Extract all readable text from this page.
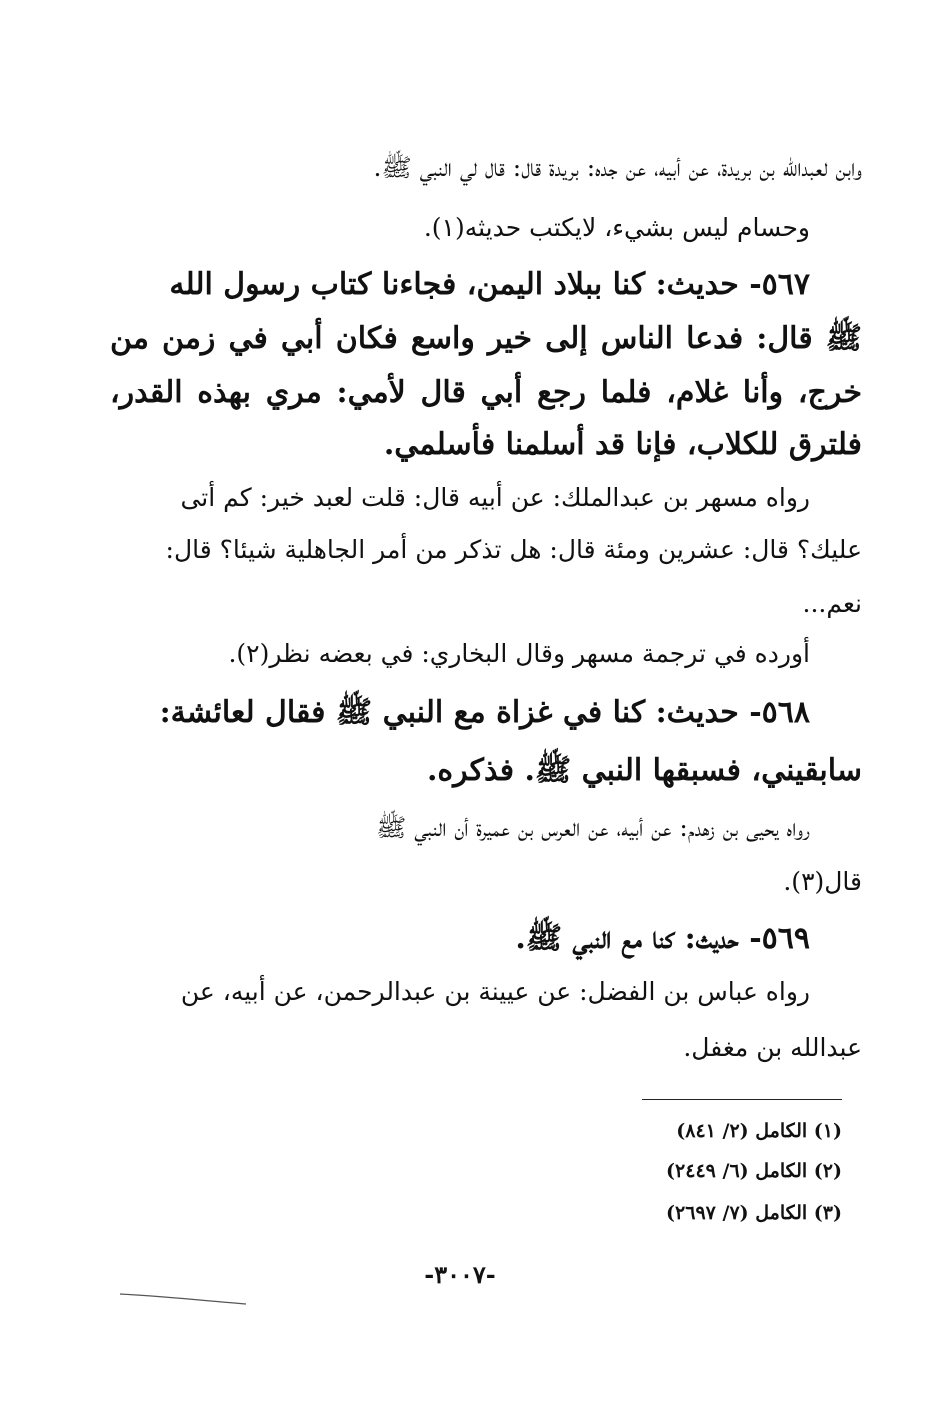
وابن لعبدالله بن بريدة، عن أبيه، عن جده: بريدة قال: قال لي النبي ﷺ.
وحسام ليس بشيء، لايكتب حديثه(١).
٥٦٧- حديث: كنا ببلاد اليمن، فجاءنا كتاب رسول الله
ﷺ قال: فدعا الناس إلى خير واسع فكان أبي في زمن من
خرج، وأنا غلام، فلما رجع أبي قال لأمي: مري بهذه القدر،
فلترق للكلاب، فإنا قد أسلمنا فأسلمي.
رواه مسهر بن عبدالملك: عن أبيه قال: قلت لعبد خير: كم أتى
عليك؟ قال: عشرين ومئة قال: هل تذكر من أمر الجاهلية شيئا؟ قال:
نعم...
أورده في ترجمة مسهر وقال البخاري: في بعضه نظر(٢).
٥٦٨- حديث: كنا في غزاة مع النبي ﷺ فقال لعائشة:
سابقيني، فسبقها النبي ﷺ. فذكره.
رواه يحيى بن زهدم: عن أبيه، عن العرس بن عميرة أن النبي ﷺ
قال(٣).
٥٦٩- حديث: كنا مع النبي ﷺ.
رواه عباس بن الفضل: عن عيينة بن عبدالرحمن، عن أبيه، عن
عبدالله بن مغفل.
(١) الكامل (٢/ ٨٤١)
(٢) الكامل (٦/ ٢٤٤٩)
(٣) الكامل (٧/ ٢٦٩٧)
-٣٠٠٧-
